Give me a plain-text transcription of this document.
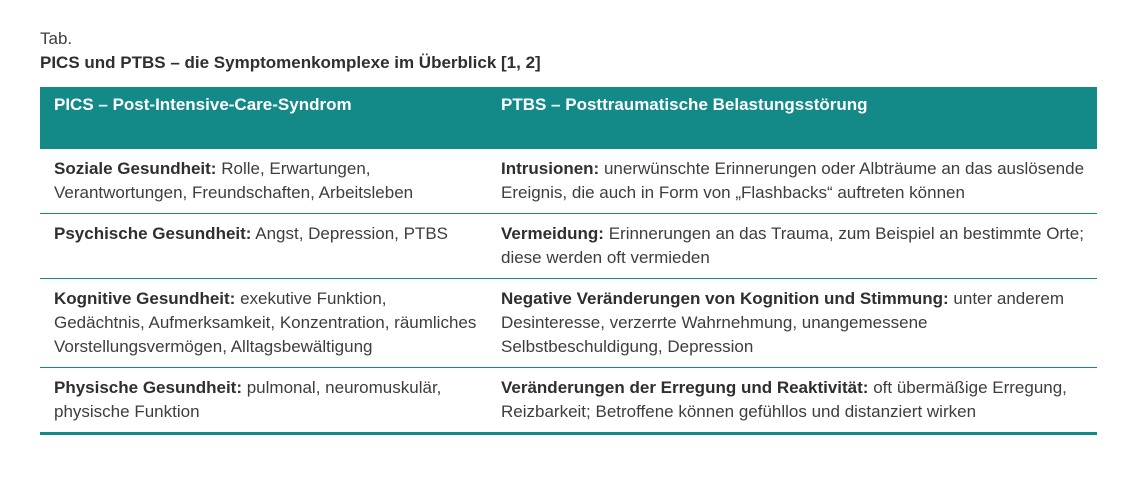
Tab.

PICS und PTBS – die Symptomenkomplexe im Überblick [1, 2]

PICS – Post-Intensive-Care-Syndrom	PTBS – Posttraumatische Belastungsstörung
Soziale Gesundheit: Rolle, Erwartungen, Verantwortungen, Freundschaften, Arbeitsleben	Intrusionen: unerwünschte Erinnerungen oder Albträume an das auslösende Ereignis, die auch in Form von „Flashbacks“ auftreten können
Psychische Gesundheit: Angst, Depression, PTBS	Vermeidung: Erinnerungen an das Trauma, zum Beispiel an bestimmte Orte; diese werden oft vermieden
Kognitive Gesundheit: exekutive Funktion, Gedächtnis, Aufmerksamkeit, Konzentration, räumliches Vorstellungsvermögen, Alltagsbewältigung	Negative Veränderungen von Kognition und Stimmung: unter anderem Desinteresse, verzerrte Wahrnehmung, unangemessene Selbstbeschuldigung, Depression
Physische Gesundheit: pulmonal, neuromuskulär, physische Funktion	Veränderungen der Erregung und Reaktivität: oft übermäßige Erregung, Reizbarkeit; Betroffene können gefühllos und distanziert wirken
